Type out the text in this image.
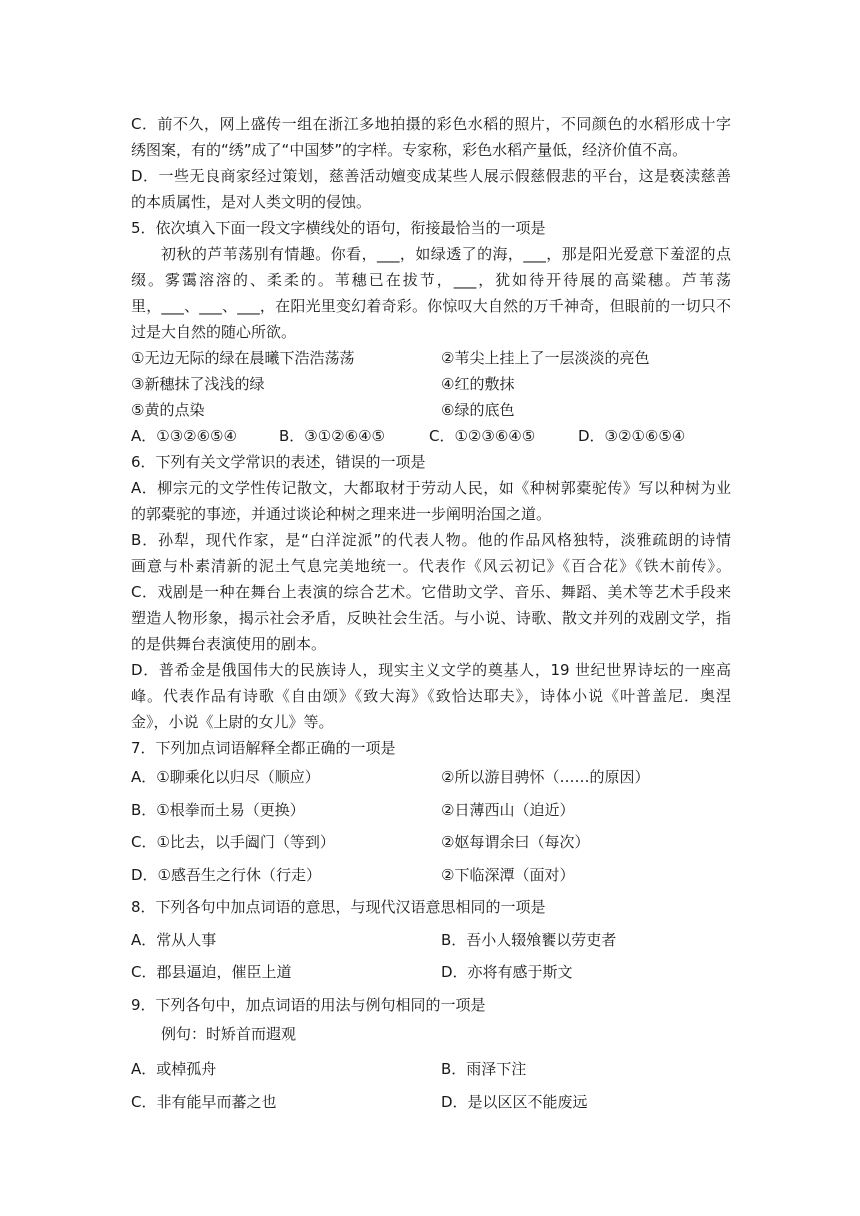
C．前不久，网上盛传一组在浙江多地拍摄的彩色水稻的照片，不同颜色的水稻形成十字
绣图案，有的“绣”成了“中国梦”的字样。专家称，彩色水稻产量低，经济价值不高。
D．一些无良商家经过策划，慈善活动嬗变成某些人展示假慈假悲的平台，这是亵渎慈善
的本质属性，是对人类文明的侵蚀。
5．依次填入下面一段文字横线处的语句，衔接最恰当的一项是
初秋的芦苇荡别有情趣。你看，___，如绿透了的海，___，那是阳光爱意下羞涩的点
缀。雾霭溶溶的、柔柔的。苇穗已在拔节，___，犹如待开待展的高粱穗。芦苇荡
里，___、___、___，在阳光里变幻着奇彩。你惊叹大自然的万千神奇，但眼前的一切只不
过是大自然的随心所欲。
①无边无际的绿在晨曦下浩浩荡荡	②苇尖上挂上了一层淡淡的亮色
③新穗抹了浅浅的绿	④红的敷抹
⑤黄的点染	⑥绿的底色
A．①③②⑥⑤④	B．③①②⑥④⑤	C．①②③⑥④⑤	D．③②①⑥⑤④
6．下列有关文学常识的表述，错误的一项是
A．柳宗元的文学性传记散文，大都取材于劳动人民，如《种树郭橐驼传》写以种树为业
的郭橐驼的事迹，并通过谈论种树之理来进一步阐明治国之道。
B．孙犁，现代作家，是“白洋淀派”的代表人物。他的作品风格独特，淡雅疏朗的诗情
画意与朴素清新的泥土气息完美地统一。代表作《风云初记》《百合花》《铁木前传》。
C．戏剧是一种在舞台上表演的综合艺术。它借助文学、音乐、舞蹈、美术等艺术手段来
塑造人物形象，揭示社会矛盾，反映社会生活。与小说、诗歌、散文并列的戏剧文学，指
的是供舞台表演使用的剧本。
D．普希金是俄国伟大的民族诗人，现实主义文学的奠基人，19 世纪世界诗坛的一座高
峰。代表作品有诗歌《自由颂》《致大海》《致恰达耶夫》，诗体小说《叶普盖尼．奥涅
金》，小说《上尉的女儿》等。
7．下列加点词语解释全都正确的一项是
A．①聊乘化以归尽（顺应）	②所以游目骋怀（……的原因）
B．①根拳而土易（更换）	②日薄西山（迫近）
C．①比去，以手阖门（等到）	②妪每谓余曰（每次）
D．①感吾生之行休（行走）	②下临深潭（面对）
8．下列各句中加点词语的意思，与现代汉语意思相同的一项是
A．常从人事	B．吾小人辍飧饔以劳吏者
C．郡县逼迫，催臣上道	D．亦将有感于斯文
9．下列各句中，加点词语的用法与例句相同的一项是
例句：时矫首而遐观
A．或棹孤舟	B．雨泽下注
C．非有能早而蕃之也	D．是以区区不能废远
